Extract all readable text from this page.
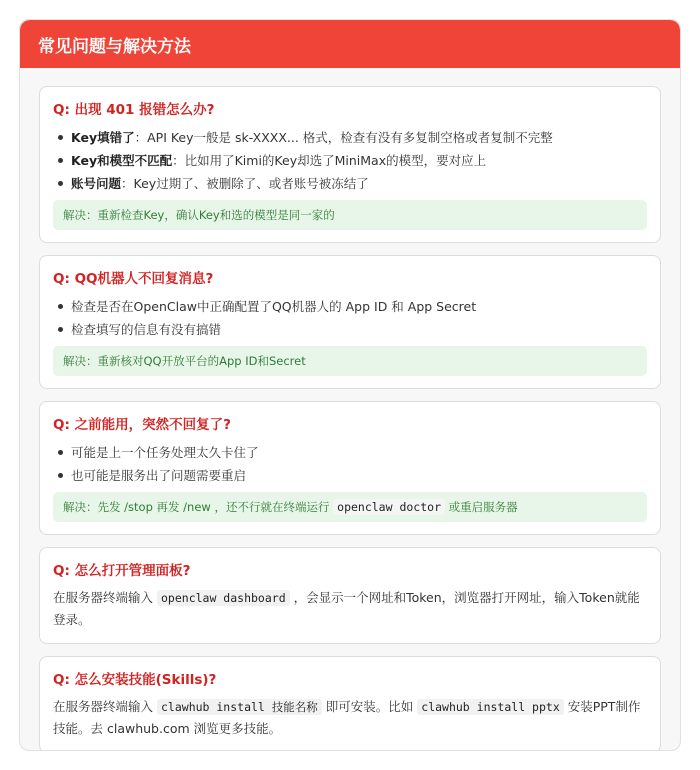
常见问题与解决方法
Q: 出现 401 报错怎么办?
Key填错了：API Key一般是 sk-XXXX... 格式，检查有没有多复制空格或者复制不完整
Key和模型不匹配：比如用了Kimi的Key却选了MiniMax的模型，要对应上
账号问题：Key过期了、被删除了、或者账号被冻结了
解决：重新检查Key，确认Key和选的模型是同一家的
Q: QQ机器人不回复消息?
检查是否在OpenClaw中正确配置了QQ机器人的 App ID 和 App Secret
检查填写的信息有没有搞错
解决：重新核对QQ开放平台的App ID和Secret
Q: 之前能用，突然不回复了?
可能是上一个任务处理太久卡住了
也可能是服务出了问题需要重启
解决：先发 /stop 再发 /new ，还不行就在终端运行 openclaw doctor 或重启服务器
Q: 怎么打开管理面板?
在服务器终端输入 openclaw dashboard ，会显示一个网址和Token，浏览器打开网址，输入Token就能登录。
Q: 怎么安装技能(Skills)?
在服务器终端输入 clawhub install 技能名称 即可安装。比如 clawhub install pptx 安装PPT制作技能。去 clawhub.com 浏览更多技能。
